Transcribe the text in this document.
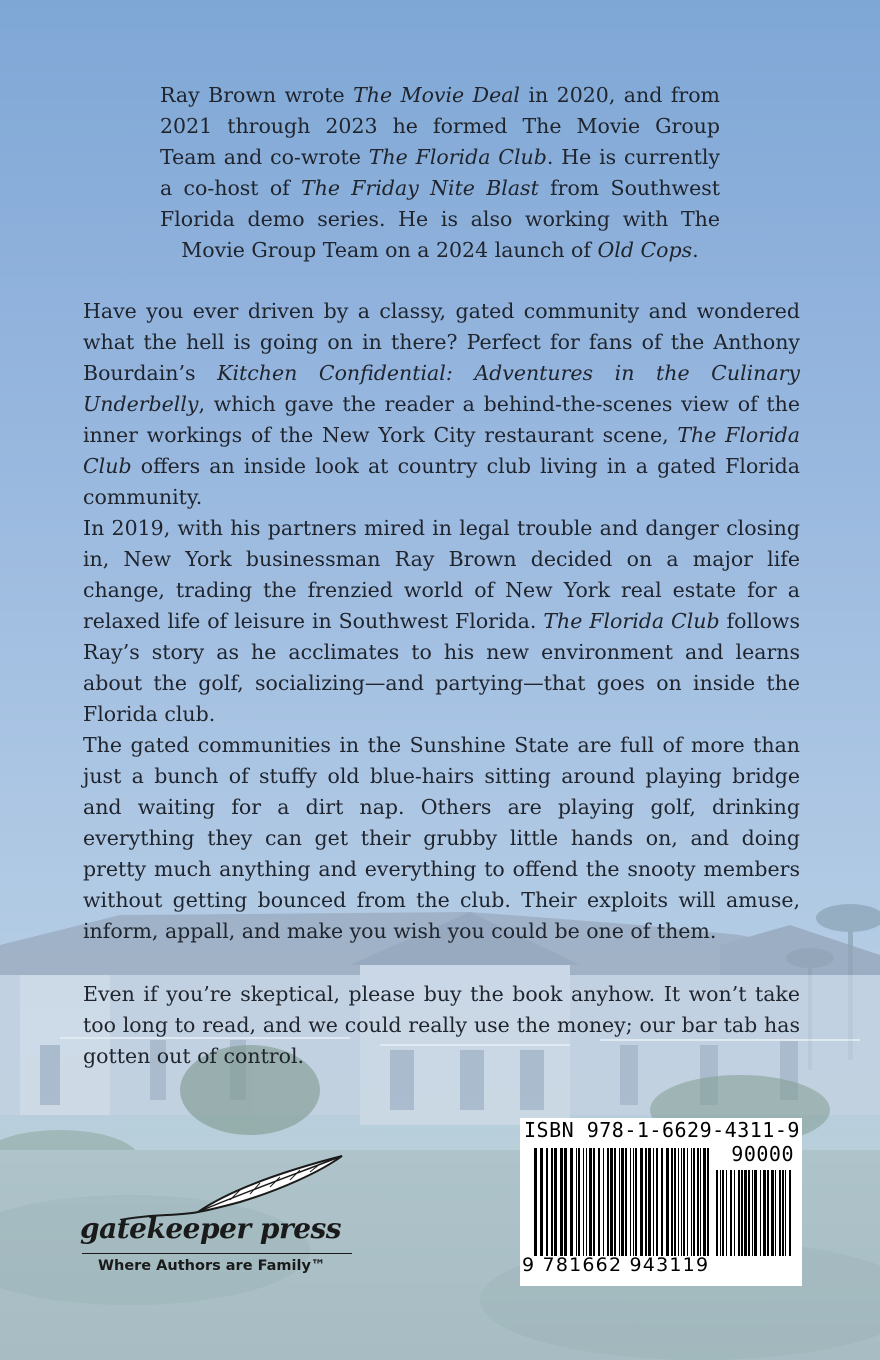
Ray Brown wrote The Movie Deal in 2020, and from 2021 through 2023 he formed The Movie Group Team and co-wrote The Florida Club. He is currently a co-host of The Friday Nite Blast from Southwest Florida demo series. He is also working with The Movie Group Team on a 2024 launch of Old Cops.

Have you ever driven by a classy, gated community and wondered what the hell is going on in there? Perfect for fans of the Anthony Bourdain’s Kitchen Confidential: Adventures in the Culinary Underbelly, which gave the reader a behind-the-scenes view of the inner workings of the New York City restaurant scene, The Florida Club offers an inside look at country club living in a gated Florida community.

In 2019, with his partners mired in legal trouble and danger closing in, New York businessman Ray Brown decided on a major life change, trading the frenzied world of New York real estate for a relaxed life of leisure in Southwest Florida. The Florida Club follows Ray’s story as he acclimates to his new environment and learns about the golf, socializing—and partying—that goes on inside the Florida club.

The gated communities in the Sunshine State are full of more than just a bunch of stuffy old blue-hairs sitting around playing bridge and waiting for a dirt nap. Others are playing golf, drinking everything they can get their grubby little hands on, and doing pretty much anything and everything to offend the snooty members without getting bounced from the club. Their exploits will amuse, inform, appall, and make you wish you could be one of them.

Even if you’re skeptical, please buy the book anyhow. It won’t take too long to read, and we could really use the money; our bar tab has gotten out of control.

gatekeeper press
Where Authors are Family™
ISBN 978-1-6629-4311-9
90000
9 781662 943119
